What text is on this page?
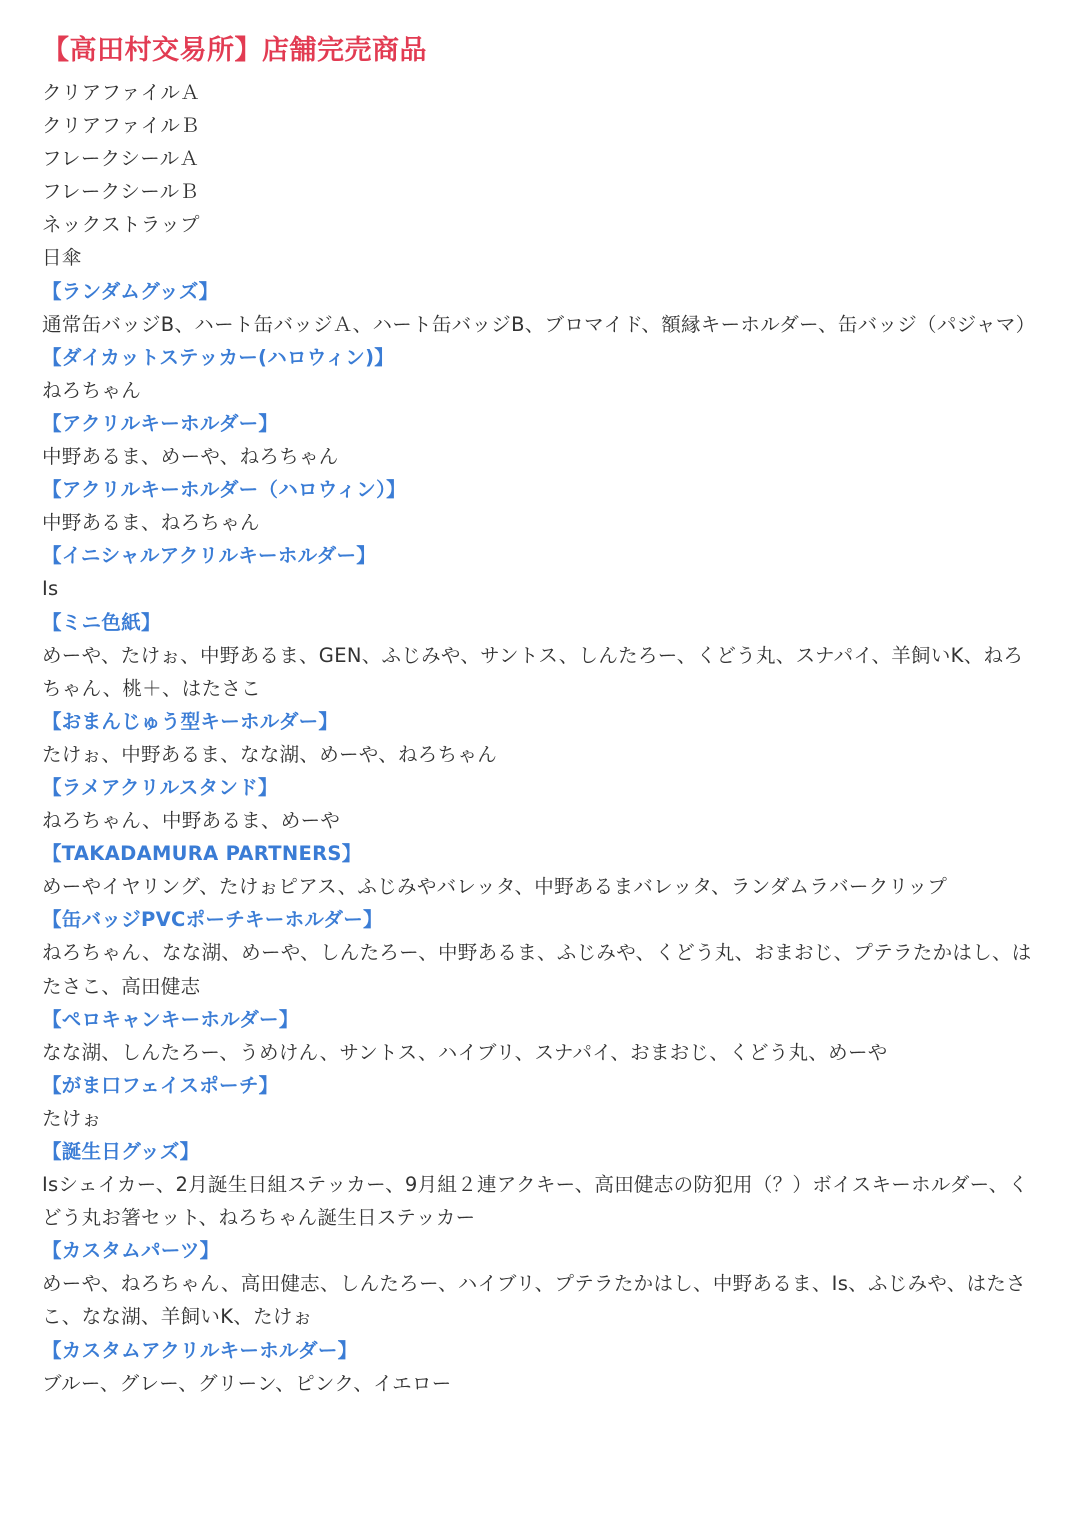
【高田村交易所】店舗完売商品
クリアファイルＡ
クリアファイルＢ
フレークシールＡ
フレークシールＢ
ネックストラップ
日傘
【ランダムグッズ】
通常缶バッジB、ハート缶バッジＡ、ハート缶バッジB、ブロマイド、額縁キーホルダー、缶バッジ（パジャマ）
【ダイカットステッカー(ハロウィン)】
ねろちゃん
【アクリルキーホルダー】
中野あるま、めーや、ねろちゃん
【アクリルキーホルダー（ハロウィン）】
中野あるま、ねろちゃん
【イニシャルアクリルキーホルダー】
Is
【ミニ色紙】
めーや、たけぉ、中野あるま、GEN、ふじみや、サントス、しんたろー、くどう丸、スナパイ、羊飼いK、ねろちゃん、桃＋、はたさこ
【おまんじゅう型キーホルダー】
たけぉ、中野あるま、なな湖、めーや、ねろちゃん
【ラメアクリルスタンド】
ねろちゃん、中野あるま、めーや
【TAKADAMURA PARTNERS】
めーやイヤリング、たけぉピアス、ふじみやバレッタ、中野あるまバレッタ、ランダムラバークリップ
【缶バッジPVCポーチキーホルダー】
ねろちゃん、なな湖、めーや、しんたろー、中野あるま、ふじみや、くどう丸、おまおじ、プテラたかはし、はたさこ、高田健志
【ペロキャンキーホルダー】
なな湖、しんたろー、うめけん、サントス、ハイブリ、スナパイ、おまおじ、くどう丸、めーや
【がま口フェイスポーチ】
たけぉ
【誕生日グッズ】
Isシェイカー、2月誕生日組ステッカー、9月組２連アクキー、高田健志の防犯用（？）ボイスキーホルダー、くどう丸お箸セット、ねろちゃん誕生日ステッカー
【カスタムパーツ】
めーや、ねろちゃん、高田健志、しんたろー、ハイブリ、プテラたかはし、中野あるま、Is、ふじみや、はたさこ、なな湖、羊飼いK、たけぉ
【カスタムアクリルキーホルダー】
ブルー、グレー、グリーン、ピンク、イエロー
